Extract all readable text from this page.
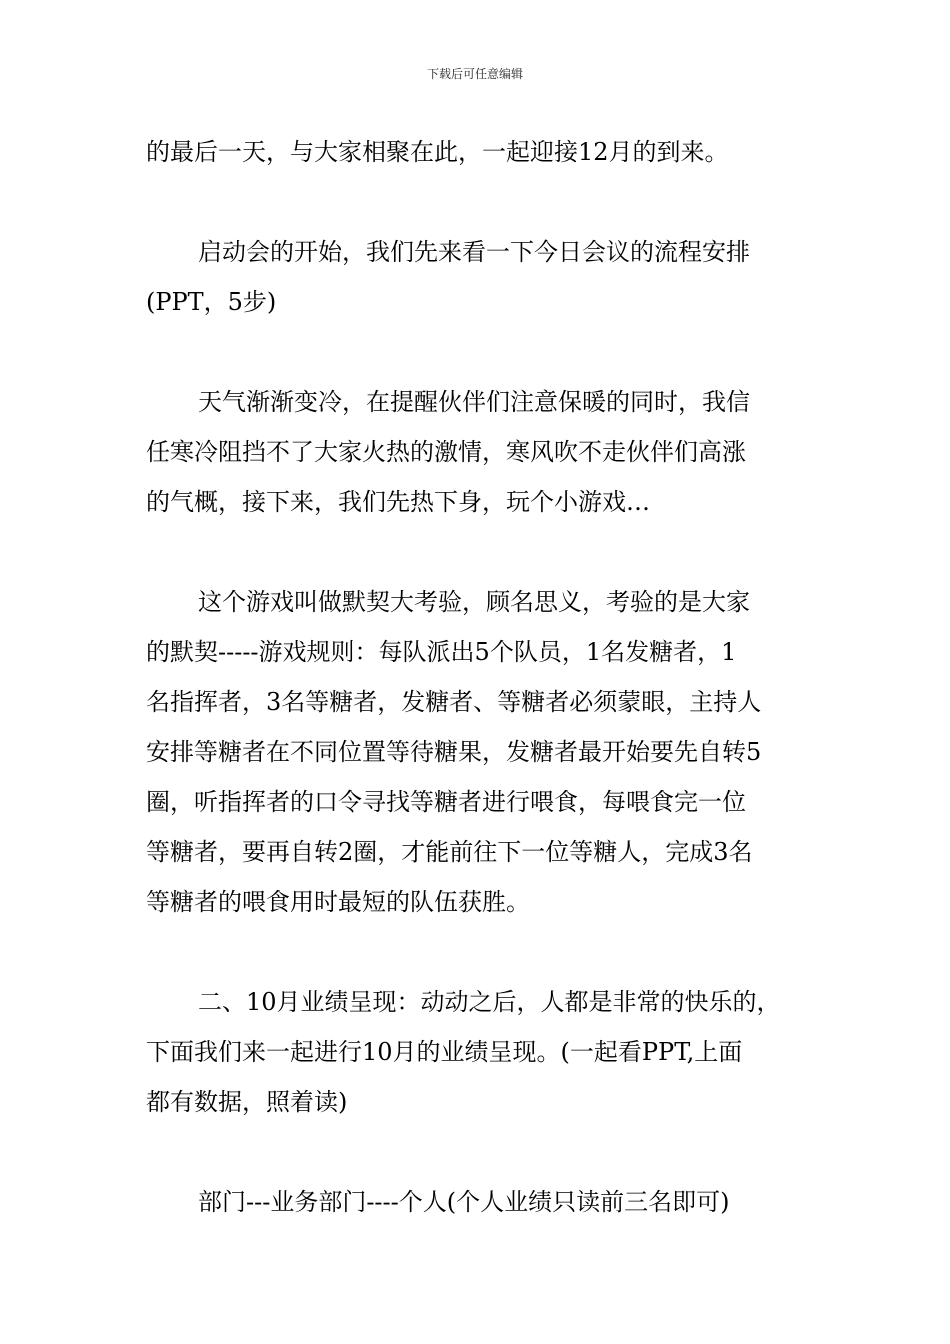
下载后可任意编辑
的最后一天，与大家相聚在此，一起迎接12月的到来。
启动会的开始，我们先来看一下今日会议的流程安排
(PPT，5步)
天气渐渐变冷，在提醒伙伴们注意保暖的同时，我信
任寒冷阻挡不了大家火热的激情，寒风吹不走伙伴们高涨
的气概，接下来，我们先热下身，玩个小游戏…
这个游戏叫做默契大考验，顾名思义，考验的是大家
的默契-----游戏规则：每队派出5个队员，1名发糖者，1
名指挥者，3名等糖者，发糖者、等糖者必须蒙眼，主持人
安排等糖者在不同位置等待糖果，发糖者最开始要先自转5
圈，听指挥者的口令寻找等糖者进行喂食，每喂食完一位
等糖者，要再自转2圈，才能前往下一位等糖人，完成3名
等糖者的喂食用时最短的队伍获胜。
二、10月业绩呈现：动动之后，人都是非常的快乐的，
下面我们来一起进行10月的业绩呈现。(一起看PPT,上面
都有数据，照着读)
部门---业务部门----个人(个人业绩只读前三名即可)
